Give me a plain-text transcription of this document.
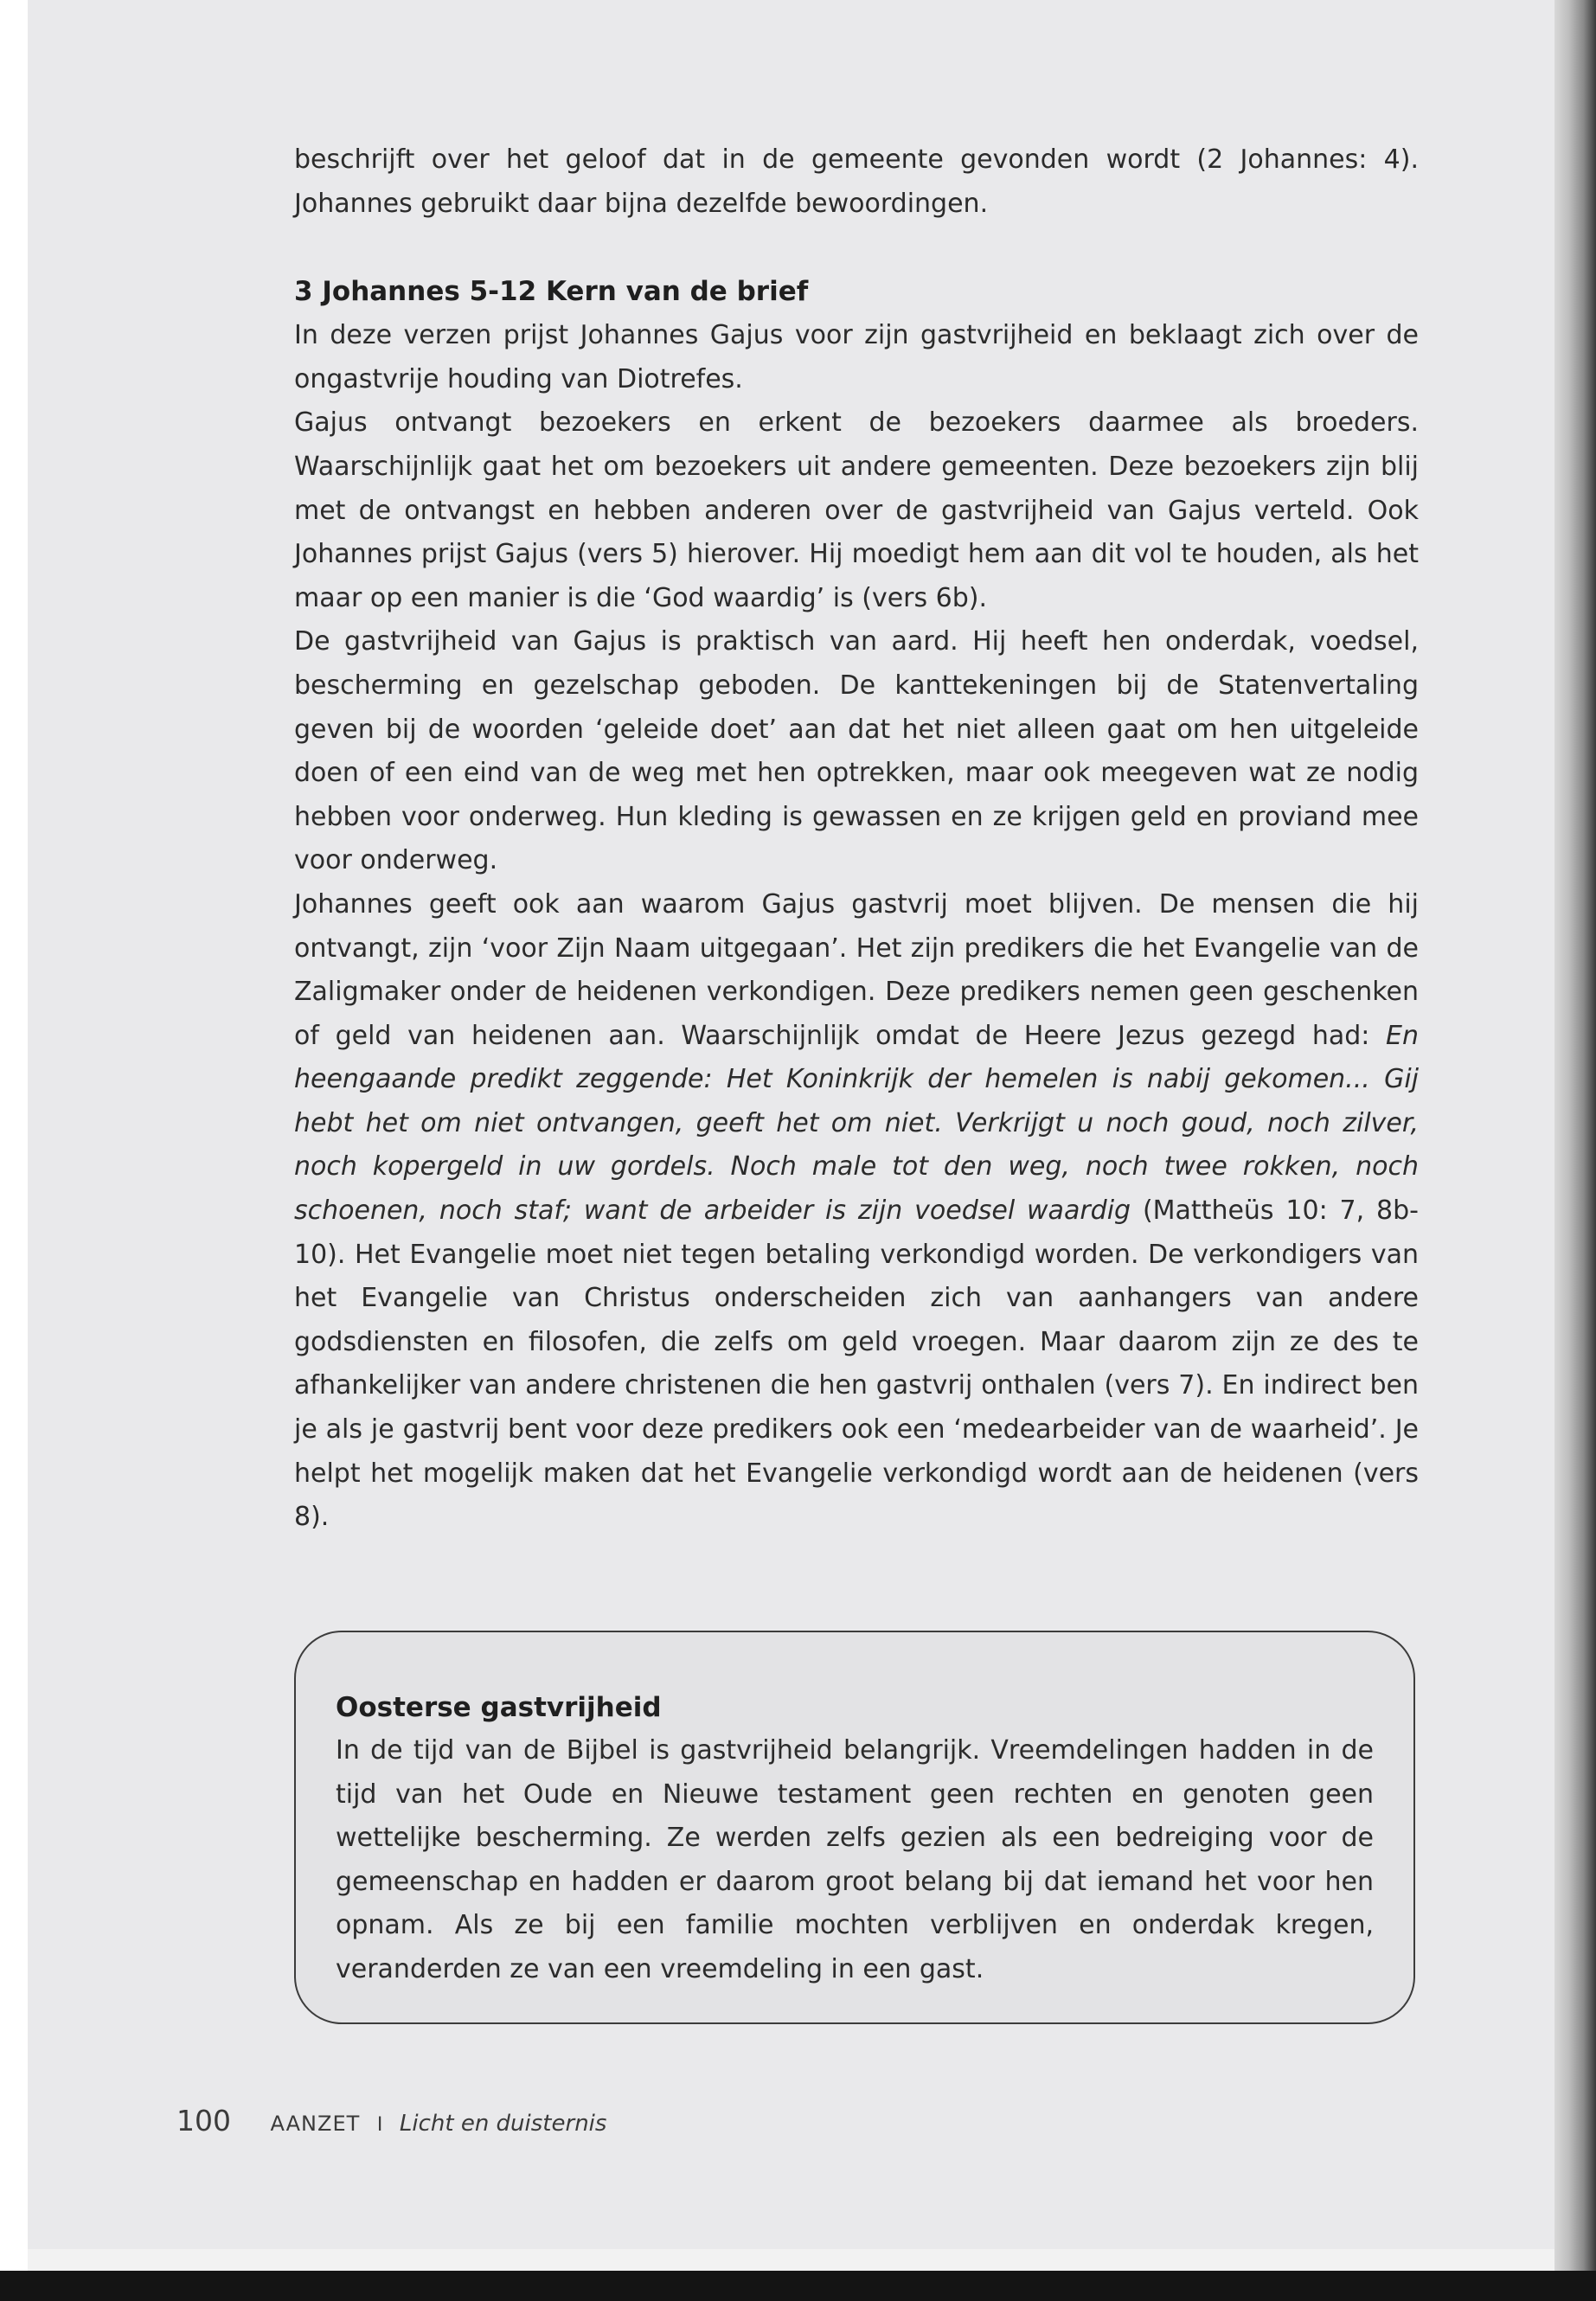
beschrijft over het geloof dat in de gemeente gevonden wordt (2 Johannes: 4). Johannes gebruikt daar bijna dezelfde bewoordingen.

3 Johannes 5-12 Kern van de brief

In deze verzen prijst Johannes Gajus voor zijn gastvrijheid en beklaagt zich over de ongastvrije houding van Diotrefes.

Gajus ontvangt bezoekers en erkent de bezoekers daarmee als broeders. Waarschijnlijk gaat het om bezoekers uit andere gemeenten. Deze bezoekers zijn blij met de ontvangst en hebben anderen over de gastvrijheid van Gajus verteld. Ook Johannes prijst Gajus (vers 5) hierover. Hij moedigt hem aan dit vol te houden, als het maar op een manier is die ‘God waardig’ is (vers 6b).

De gastvrijheid van Gajus is praktisch van aard. Hij heeft hen onderdak, voedsel, bescherming en gezelschap geboden. De kanttekeningen bij de Statenvertaling geven bij de woorden ‘geleide doet’ aan dat het niet alleen gaat om hen uitgeleide doen of een eind van de weg met hen optrekken, maar ook meegeven wat ze nodig hebben voor onderweg. Hun kleding is gewassen en ze krijgen geld en proviand mee voor onderweg.

Johannes geeft ook aan waarom Gajus gastvrij moet blijven. De mensen die hij ontvangt, zijn ‘voor Zijn Naam uitgegaan’. Het zijn predikers die het Evangelie van de Zaligmaker onder de heidenen verkondigen. Deze predikers nemen geen geschenken of geld van heidenen aan. Waarschijnlijk omdat de Heere Jezus gezegd had: En heengaande predikt zeggende: Het Koninkrijk der hemelen is nabij gekomen... Gij hebt het om niet ontvangen, geeft het om niet. Verkrijgt u noch goud, noch zilver, noch kopergeld in uw gordels. Noch male tot den weg, noch twee rokken, noch schoenen, noch staf; want de arbeider is zijn voedsel waardig (Mattheüs 10: 7, 8b-10). Het Evangelie moet niet tegen betaling verkondigd worden. De verkondigers van het Evangelie van Christus onderscheiden zich van aanhangers van andere godsdiensten en filosofen, die zelfs om geld vroegen. Maar daarom zijn ze des te afhankelijker van andere christenen die hen gastvrij onthalen (vers 7). En indirect ben je als je gastvrij bent voor deze predikers ook een ‘medearbeider van de waarheid’. Je helpt het mogelijk maken dat het Evangelie verkondigd wordt aan de heidenen (vers 8).

Oosterse gastvrijheid

In de tijd van de Bijbel is gastvrijheid belangrijk. Vreemdelingen hadden in de tijd van het Oude en Nieuwe testament geen rechten en genoten geen wettelijke bescherming. Ze werden zelfs gezien als een bedreiging voor de gemeenschap en hadden er daarom groot belang bij dat iemand het voor hen opnam. Als ze bij een familie mochten verblijven en onderdak kregen, veranderden ze van een vreemdeling in een gast.

100 AANZET I Licht en duisternis
